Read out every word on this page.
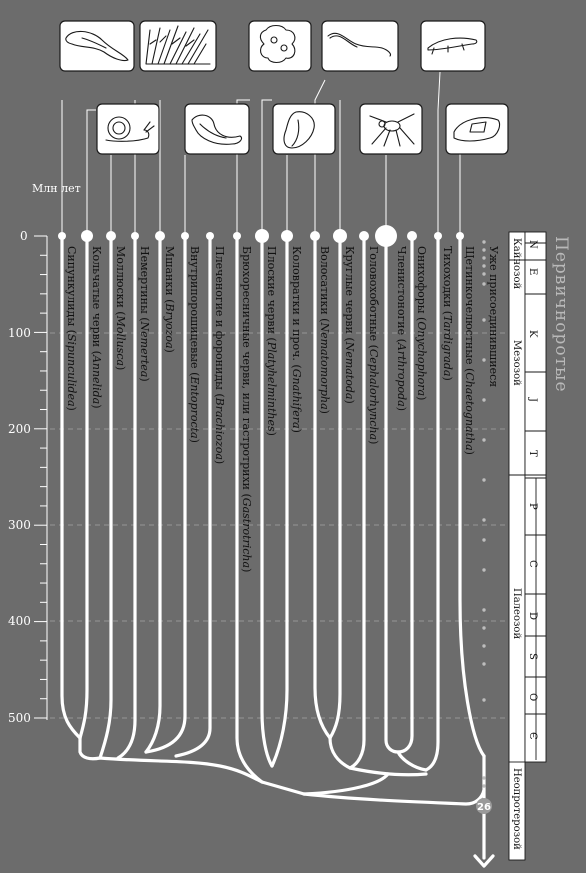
Млн лет
0
100
200
300
400
500
26
Сипункулиды (Sipunculidea)
Кольчатые черви (Annelida)
Моллюски (Mollusca)
Немертины (Nemertea)
Мшанки (Bryozoa) Внутрипорошицевые (Entoprocta)
Плеченогие и форониды (Brachiozoa) Брюхоресничные черви, или гастротрихи (Gastrotricha)
Плоские черви (Platyhelminthes)
Коловратки и проч. (Gnathifera)
Волосатики (Nematomorpha)
Круглые черви (Nematoda)
Головохоботные (Cephalorhyncha)
Членистоногие (Arthropoda)
Онихофоры (Onychophora)
Тихоходки (Tardigrada)
Щетинкочелюстные (Chaetognatha)
Уже присоединившиеся Кайнозой
Мезозой
Палеозой
Неопротерозой
N
E
K
J
T
P
C
D
S
O
Є
Первичноротые
